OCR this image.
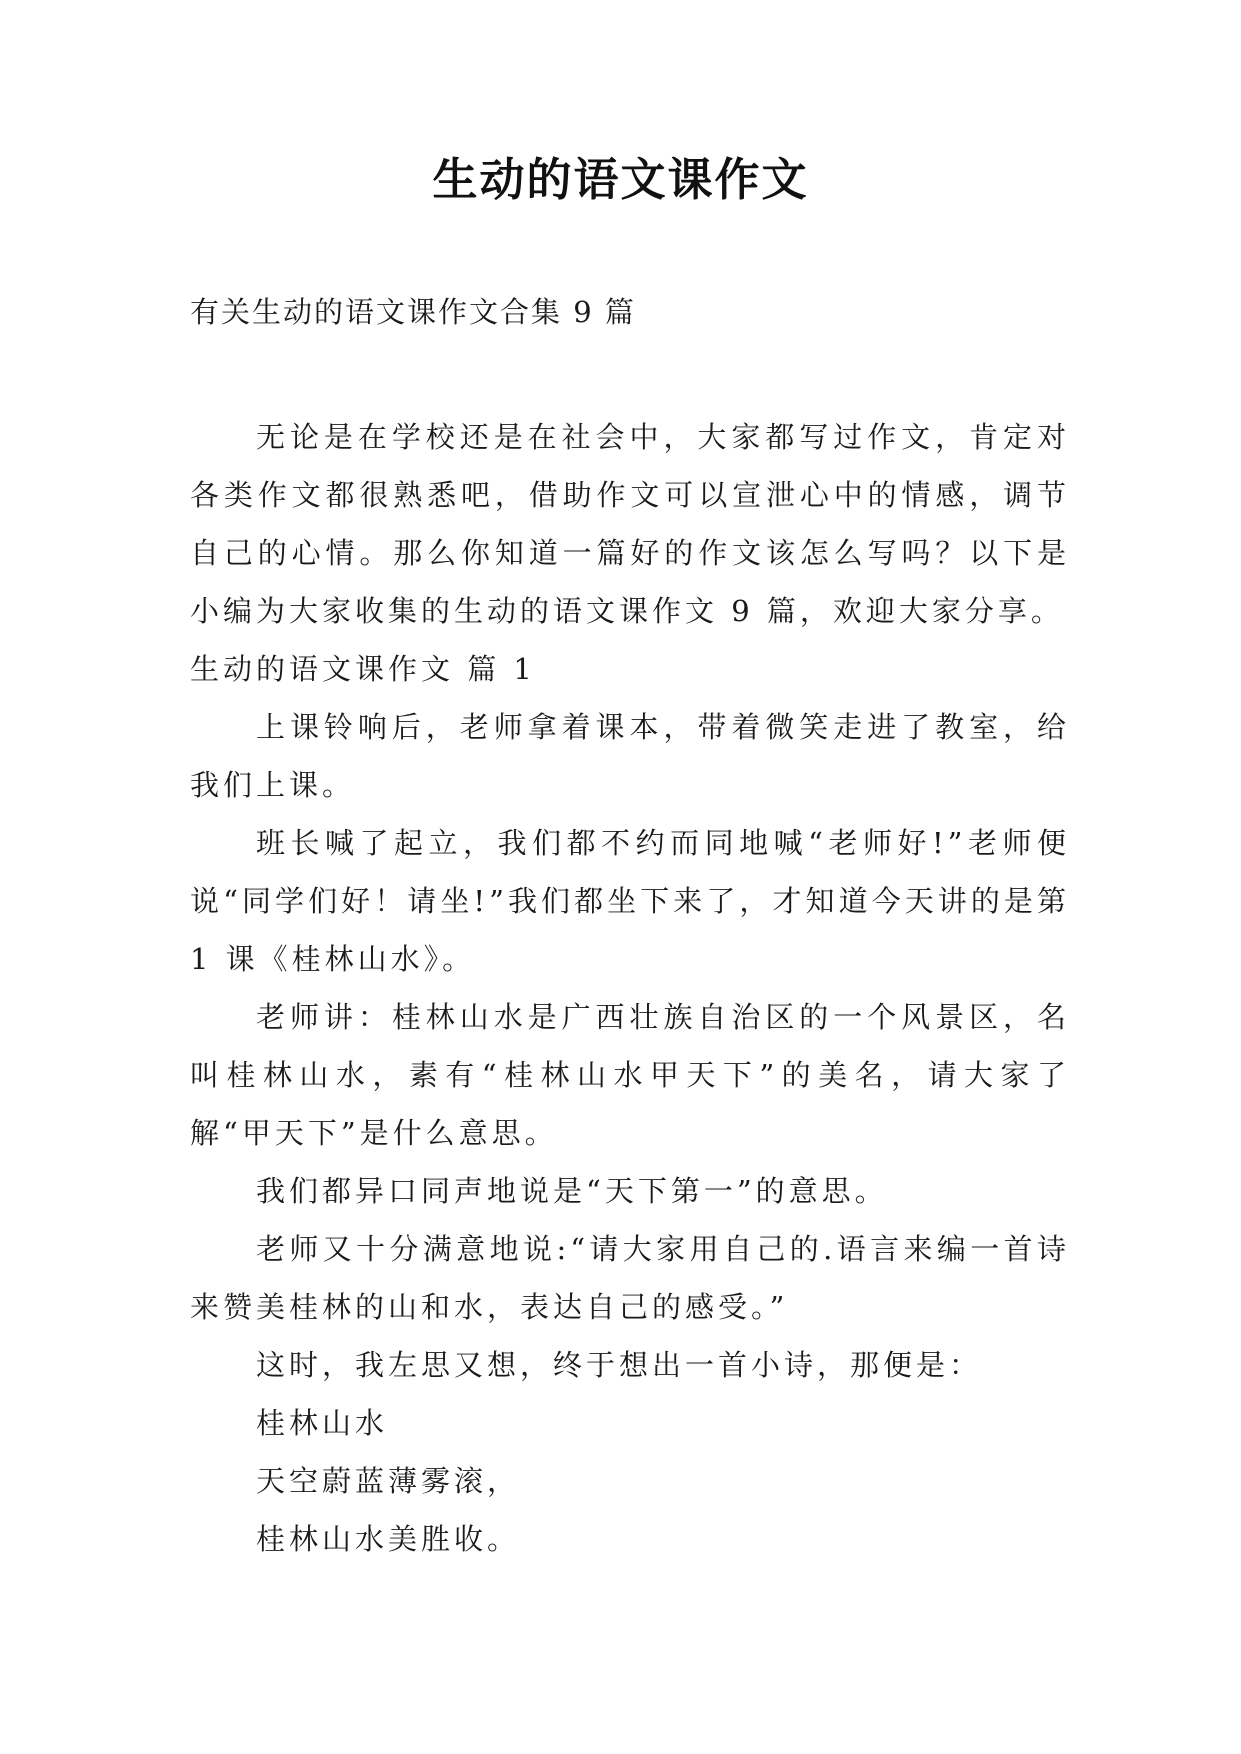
生动的语文课作文
有关生动的语文课作文合集 9 篇

无论是在学校还是在社会中，大家都写过作文，肯定对各类作文都很熟悉吧，借助作文可以宣泄心中的情感，调节自己的心情。那么你知道一篇好的作文该怎么写吗？以下是小编为大家收集的生动的语文课作文 9 篇，欢迎大家分享。

生动的语文课作文 篇 1

上课铃响后，老师拿着课本，带着微笑走进了教室，给我们上课。

班长喊了起立，我们都不约而同地喊“老师好!”老师便说“同学们好！请坐!”我们都坐下来了，才知道今天讲的是第 1 课《桂林山水》。

老师讲：桂林山水是广西壮族自治区的一个风景区，名叫桂林山水，素有“桂林山水甲天下”的美名，请大家了解“甲天下”是什么意思。

我们都异口同声地说是“天下第一”的意思。

老师又十分满意地说:“请大家用自己的.语言来编一首诗来赞美桂林的山和水，表达自己的感受。”

这时，我左思又想，终于想出一首小诗，那便是：

桂林山水

天空蔚蓝薄雾滚，

桂林山水美胜收。
